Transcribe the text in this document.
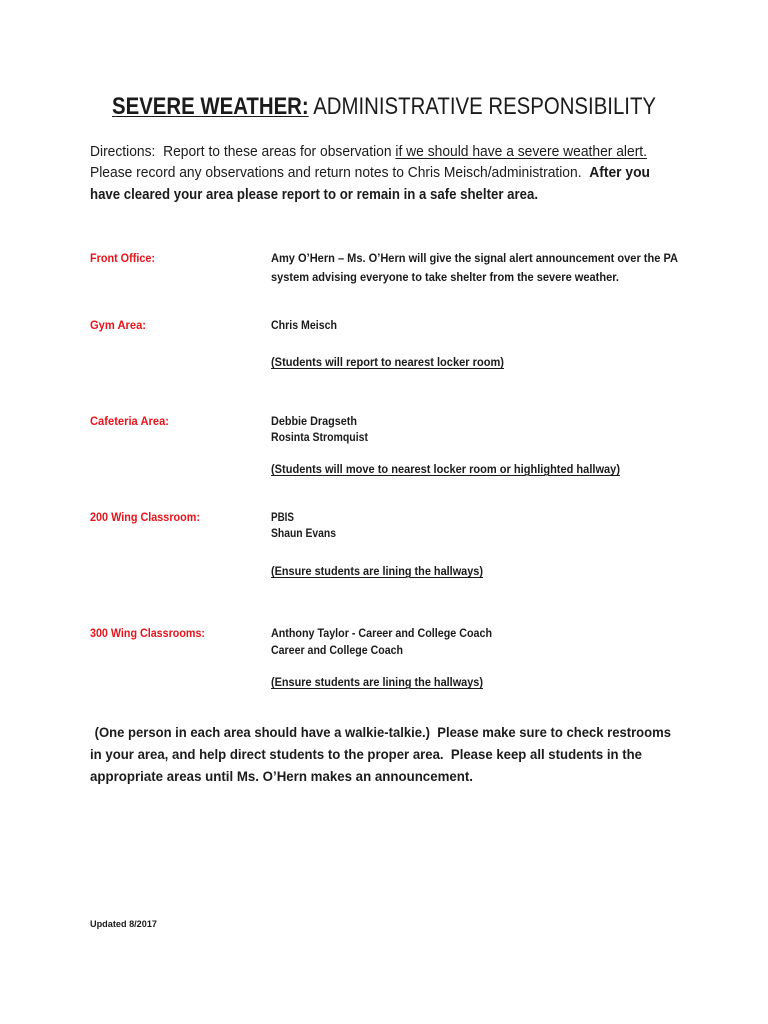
SEVERE WEATHER: ADMINISTRATIVE RESPONSIBILITY
Directions:  Report to these areas for observation if we should have a severe weather alert.
Please record any observations and return notes to Chris Meisch/administration.  After you
have cleared your area please report to or remain in a safe shelter area.
Front Office:	Amy O’Hern – Ms. O’Hern will give the signal alert announcement over the PA
system advising everyone to take shelter from the severe weather.
Gym Area:	Chris Meisch
(Students will report to nearest locker room)
Cafeteria Area:	Debbie Dragseth
Rosinta Stromquist
(Students will move to nearest locker room or highlighted hallway)
200 Wing Classroom:	PBIS
Shaun Evans
(Ensure students are lining the hallways)
300 Wing Classrooms:	Anthony Taylor - Career and College Coach
Career and College Coach
(Ensure students are lining the hallways)
(One person in each area should have a walkie-talkie.)  Please make sure to check restrooms
in your area, and help direct students to the proper area.  Please keep all students in the
appropriate areas until Ms. O’Hern makes an announcement.
Updated 8/2017
